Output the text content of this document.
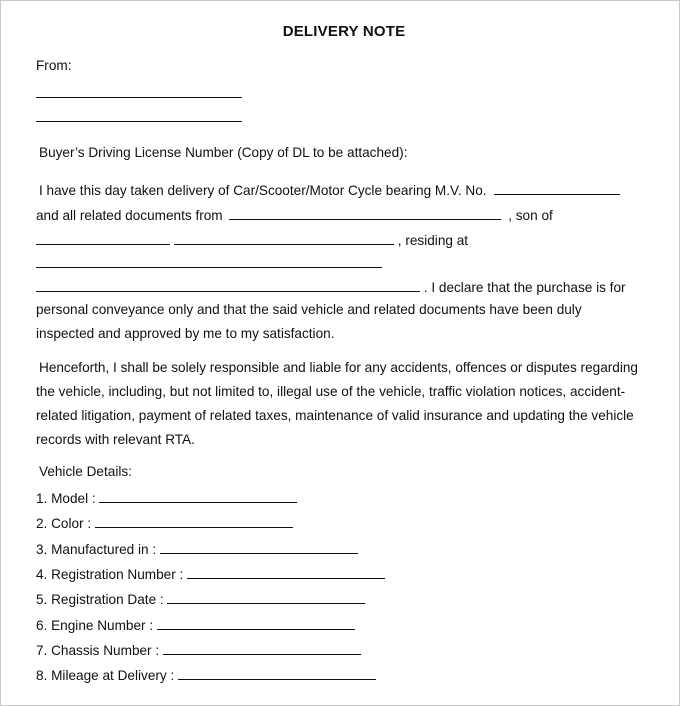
DELIVERY NOTE
From:
Buyer’s Driving License Number (Copy of DL to be attached):
I have this day taken delivery of Car/Scooter/Motor Cycle bearing M.V. No.
and all related documents from	, son of
, residing at
. I declare that the purchase is for
personal conveyance only and that the said vehicle and related documents have been duly
inspected and approved by me to my satisfaction.
Henceforth, I shall be solely responsible and liable for any accidents, offences or disputes regarding
the vehicle, including, but not limited to, illegal use of the vehicle, traffic violation notices, accident-
related litigation, payment of related taxes, maintenance of valid insurance and updating the vehicle
records with relevant RTA.
Vehicle Details:
1. Model :
2. Color :
3. Manufactured in :
4. Registration Number :
5. Registration Date :
6. Engine Number :
7. Chassis Number :
8. Mileage at Delivery :
